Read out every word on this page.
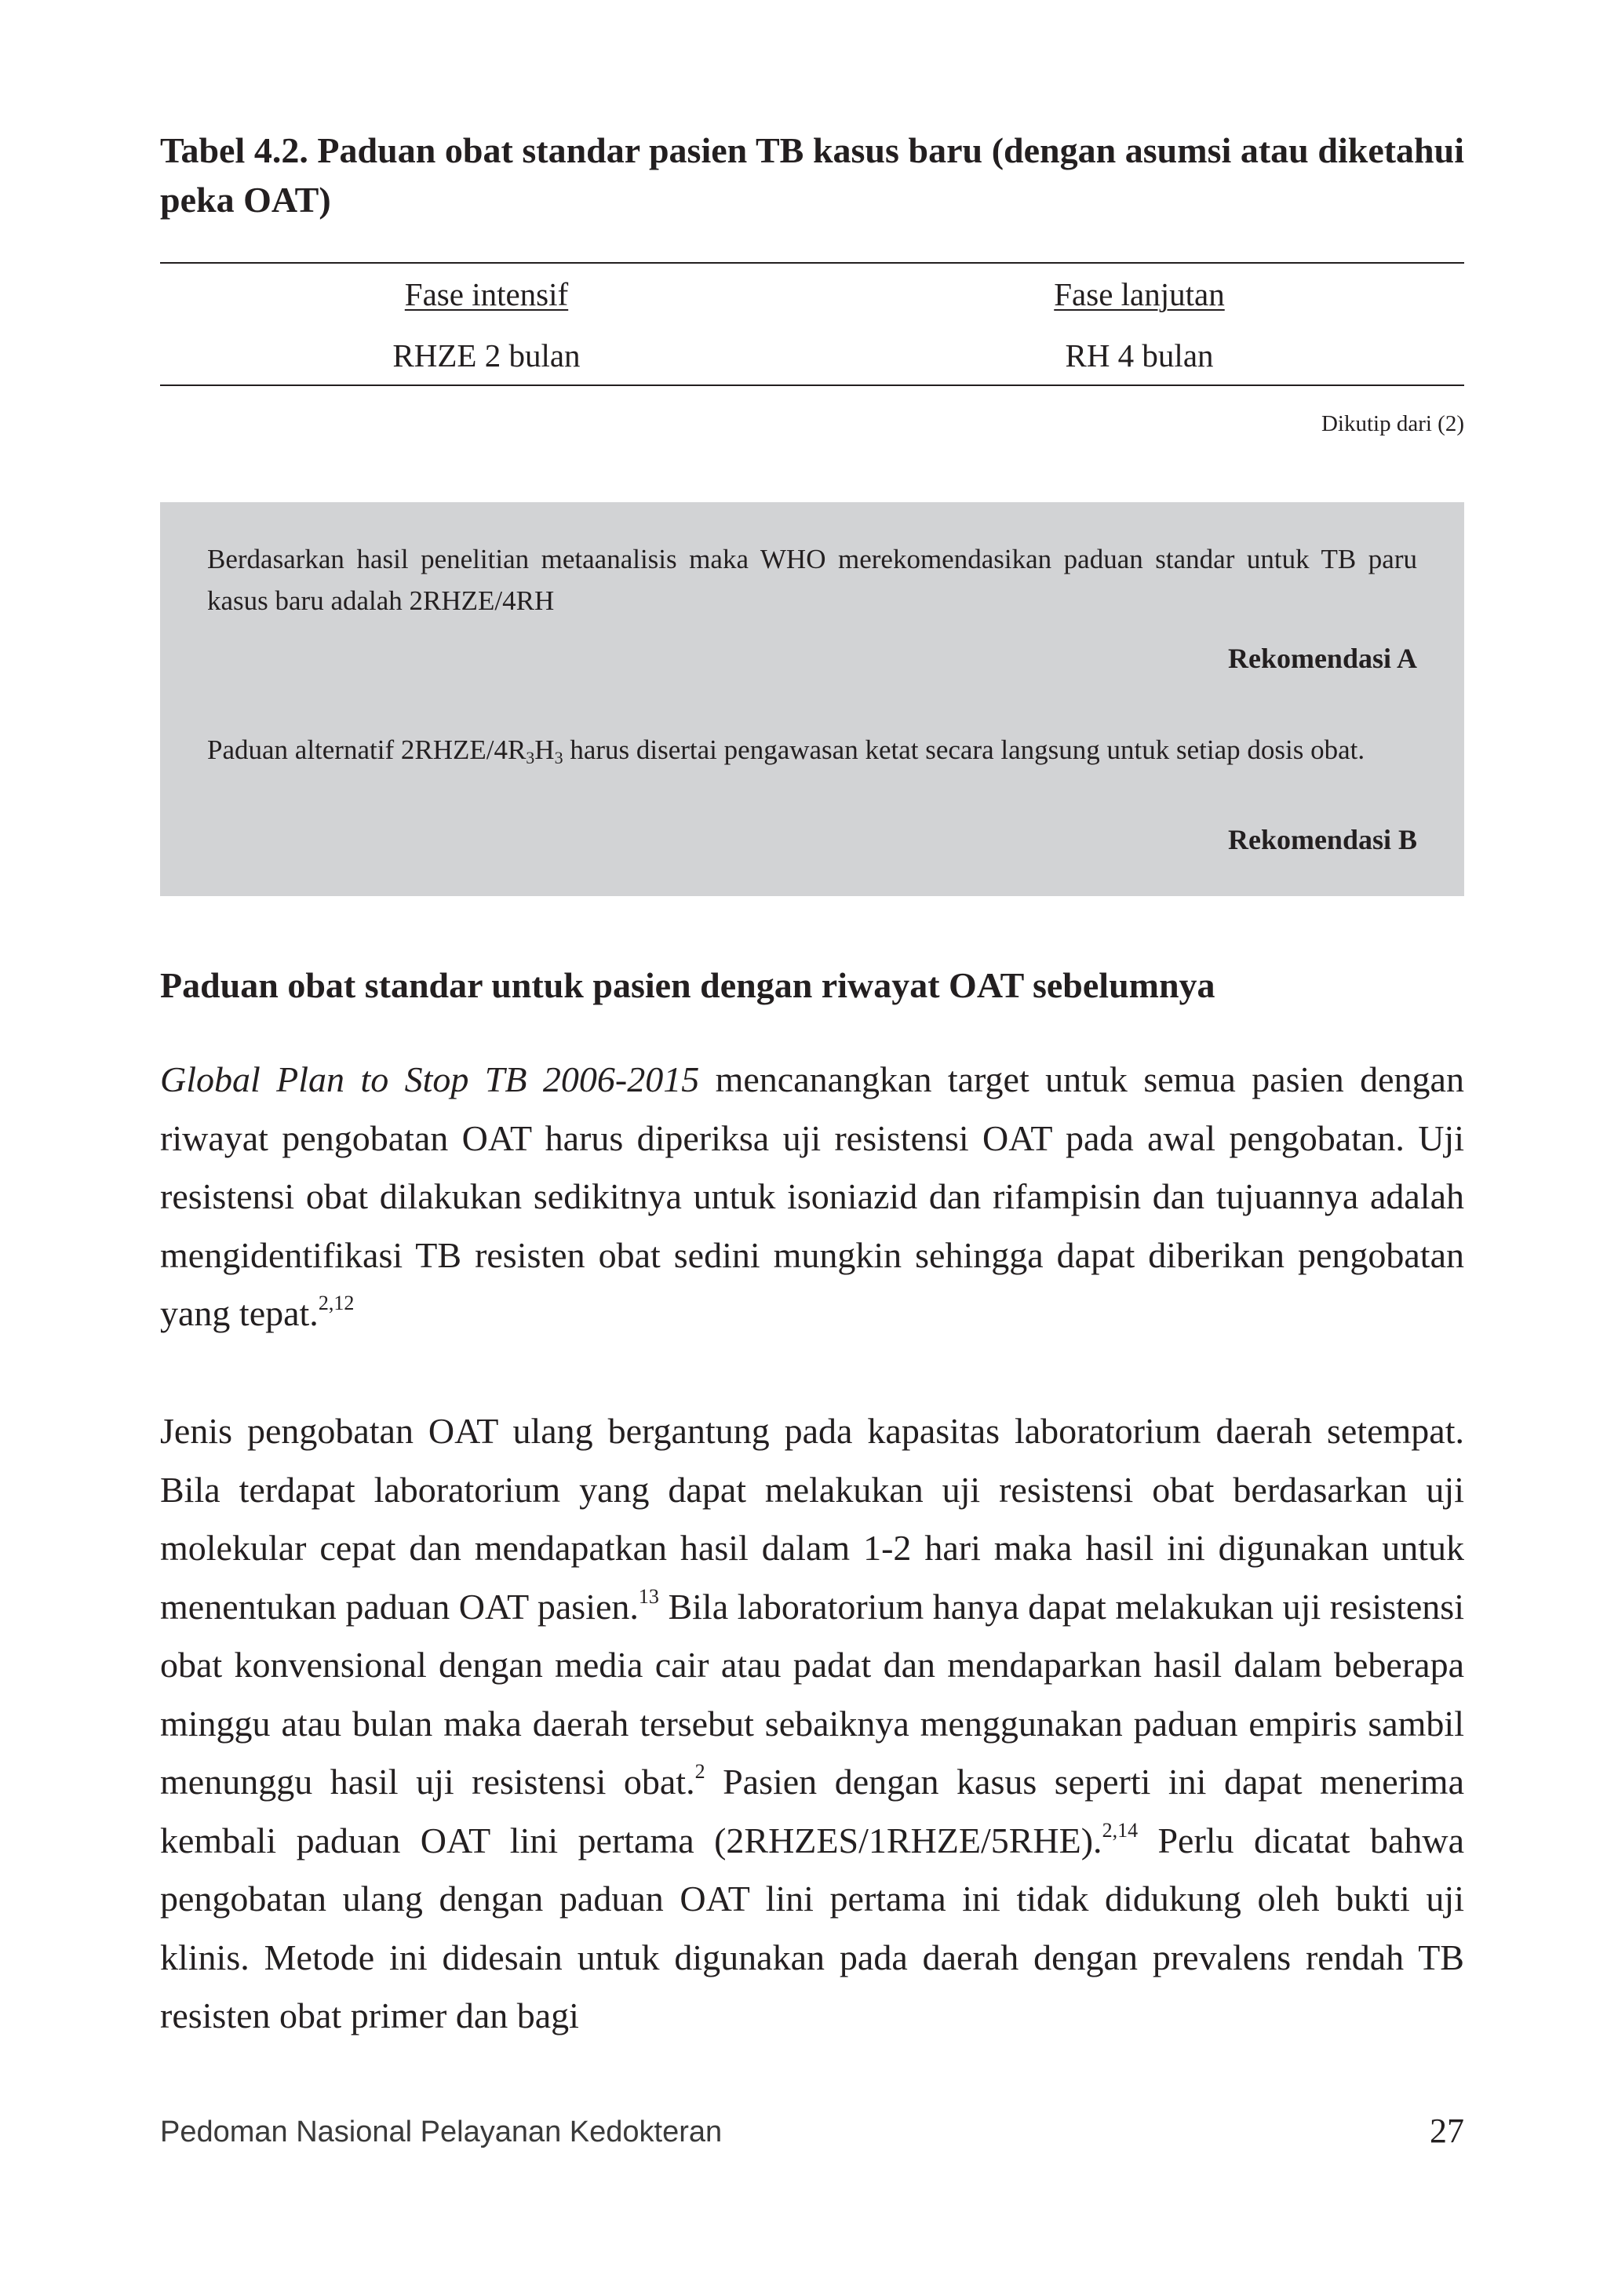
Tabel 4.2. Paduan obat standar pasien TB kasus baru (dengan asumsi atau diketahui peka OAT)

Fase intensif	Fase lanjutan
RHZE 2 bulan	RH 4 bulan
Dikutip dari (2)

Berdasarkan hasil penelitian metaanalisis maka WHO merekomendasikan paduan standar untuk TB paru kasus baru adalah 2RHZE/4RH

Rekomendasi A

Paduan alternatif $2RHZE/4R_3H_3$ harus disertai pengawasan ketat secara langsung untuk setiap dosis obat.

Rekomendasi B
Paduan obat standar untuk pasien dengan riwayat OAT sebelumnya

Global Plan to Stop TB 2006-2015 mencanangkan target untuk semua pasien dengan riwayat pengobatan OAT harus diperiksa uji resistensi OAT pada awal pengobatan. Uji resistensi obat dilakukan sedikitnya untuk isoniazid dan rifampisin dan tujuannya adalah mengidentifikasi TB resisten obat sedini mungkin sehingga dapat diberikan pengobatan yang tepat.$^{2,12}$

Jenis pengobatan OAT ulang bergantung pada kapasitas laboratorium daerah setempat. Bila terdapat laboratorium yang dapat melakukan uji resistensi obat berdasarkan uji molekular cepat dan mendapatkan hasil dalam 1-2 hari maka hasil ini digunakan untuk menentukan paduan OAT pasien.$^{13}$ Bila laboratorium hanya dapat melakukan uji resistensi obat konvensional dengan media cair atau padat dan mendaparkan hasil dalam beberapa minggu atau bulan maka daerah tersebut sebaiknya menggunakan paduan empiris sambil menunggu hasil uji resistensi obat.$^2$ Pasien dengan kasus seperti ini dapat menerima kembali paduan OAT lini pertama (2RHZES/1RHZE/5RHE).$^{2,14}$ Perlu dicatat bahwa pengobatan ulang dengan paduan OAT lini pertama ini tidak didukung oleh bukti uji klinis. Metode ini didesain untuk digunakan pada daerah dengan prevalens rendah TB resisten obat primer dan bagi

Pedoman Nasional Pelayanan Kedokteran	27
